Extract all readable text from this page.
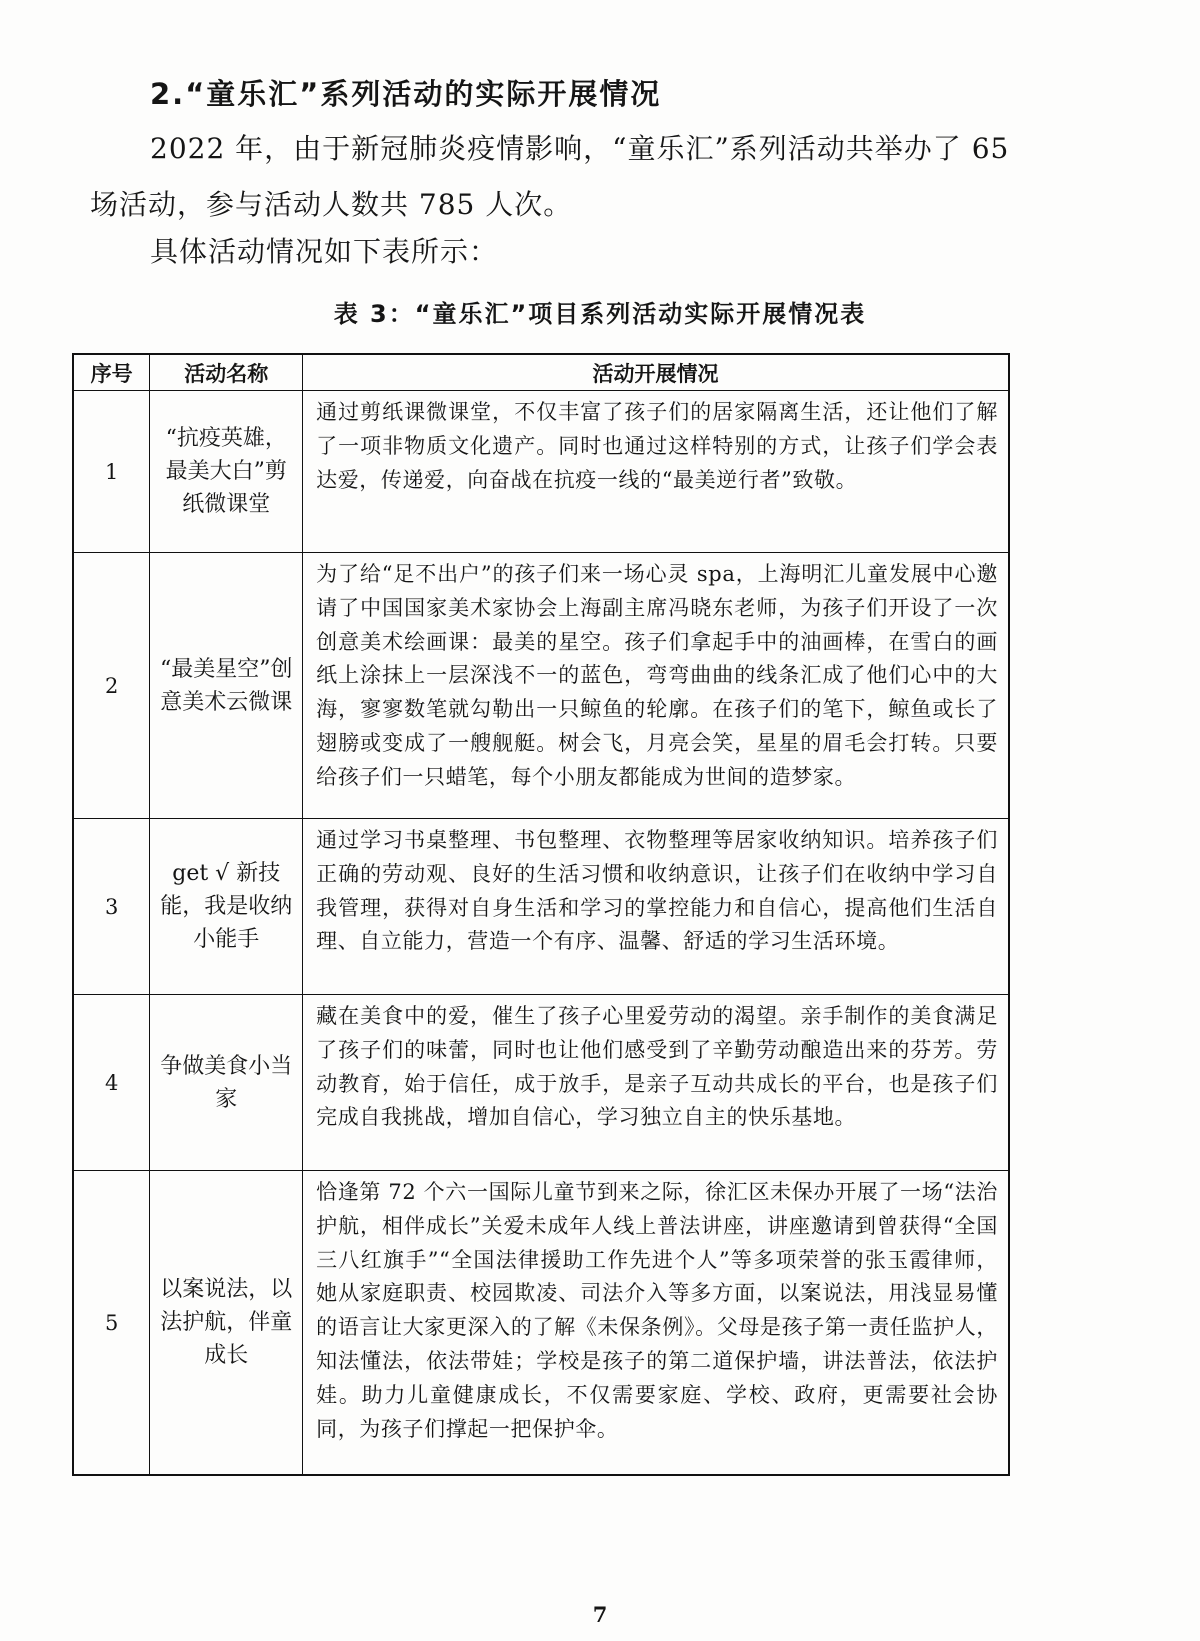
2.“童乐汇”系列活动的实际开展情况
2022 年，由于新冠肺炎疫情影响，“童乐汇”系列活动共举办了 65 场活动，参与活动人数共 785 人次。
具体活动情况如下表所示：
表 3：“童乐汇”项目系列活动实际开展情况表
序号	活动名称	活动开展情况
1	“抗疫英雄，最美大白”剪纸微课堂	通过剪纸课微课堂，不仅丰富了孩子们的居家隔离生活，还让他们了解了一项非物质文化遗产。同时也通过这样特别的方式，让孩子们学会表达爱，传递爱，向奋战在抗疫一线的“最美逆行者”致敬。
2	“最美星空”创意美术云微课	为了给“足不出户”的孩子们来一场心灵 spa，上海明汇儿童发展中心邀请了中国国家美术家协会上海副主席冯晓东老师，为孩子们开设了一次创意美术绘画课：最美的星空。孩子们拿起手中的油画棒，在雪白的画纸上涂抹上一层深浅不一的蓝色，弯弯曲曲的线条汇成了他们心中的大海，寥寥数笔就勾勒出一只鲸鱼的轮廓。在孩子们的笔下，鲸鱼或长了翅膀或变成了一艘舰艇。树会飞，月亮会笑，星星的眉毛会打转。只要给孩子们一只蜡笔，每个小朋友都能成为世间的造梦家。
3	get √ 新技能，我是收纳小能手	通过学习书桌整理、书包整理、衣物整理等居家收纳知识。培养孩子们正确的劳动观、良好的生活习惯和收纳意识，让孩子们在收纳中学习自我管理，获得对自身生活和学习的掌控能力和自信心，提高他们生活自理、自立能力，营造一个有序、温馨、舒适的学习生活环境。
4	争做美食小当家	藏在美食中的爱，催生了孩子心里爱劳动的渴望。亲手制作的美食满足了孩子们的味蕾，同时也让他们感受到了辛勤劳动酿造出来的芬芳。劳动教育，始于信任，成于放手，是亲子互动共成长的平台，也是孩子们完成自我挑战，增加自信心，学习独立自主的快乐基地。
5	以案说法，以法护航，伴童成长	恰逢第 72 个六一国际儿童节到来之际，徐汇区未保办开展了一场“法治护航，相伴成长”关爱未成年人线上普法讲座，讲座邀请到曾获得“全国三八红旗手”“全国法律援助工作先进个人”等多项荣誉的张玉霞律师，她从家庭职责、校园欺凌、司法介入等多方面，以案说法，用浅显易懂的语言让大家更深入的了解《未保条例》。父母是孩子第一责任监护人，知法懂法，依法带娃；学校是孩子的第二道保护墙，讲法普法，依法护娃。助力儿童健康成长，不仅需要家庭、学校、政府，更需要社会协同，为孩子们撑起一把保护伞。
7
